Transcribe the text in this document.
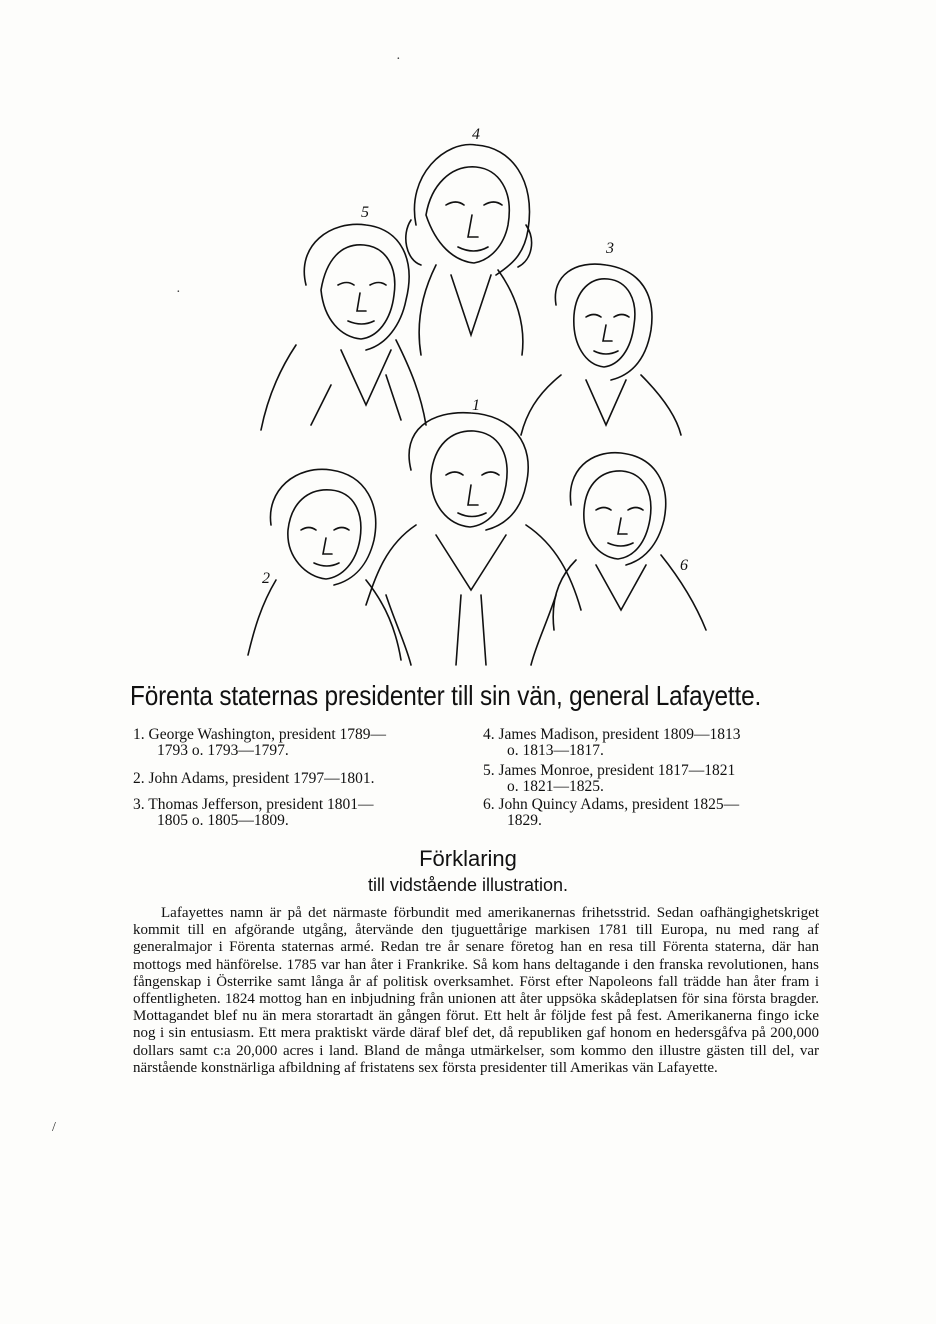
4
5
3
1
2
6
Förenta staternas presidenter till sin vän, general Lafayette.
1. George Washington, president 1789—
1793 o. 1793—1797.
2. John Adams, president 1797—1801.
3. Thomas Jefferson, president 1801—
1805 o. 1805—1809.
4. James Madison, president 1809—1813
o. 1813—1817.
5. James Monroe, president 1817—1821
o. 1821—1825.
6. John Quincy Adams, president 1825—
1829.
Förklaring
till vidstående illustration.
Lafayettes namn är på det närmaste förbundit med amerikanernas frihetsstrid. Sedan oafhängighetskriget kommit till en afgörande utgång, återvände den tjuguettårige markisen 1781 till Europa, nu med rang af generalmajor i Förenta staternas armé. Redan tre år senare företog han en resa till Förenta staterna, där han mottogs med hänförelse. 1785 var han åter i Frankrike. Så kom hans deltagande i den franska revolutionen, hans fångenskap i Österrike samt långa år af politisk overksamhet. Först efter Napoleons fall trädde han åter fram i offentligheten. 1824 mottog han en inbjudning från unionen att åter uppsöka skådeplatsen för sina första bragder. Mottagandet blef nu än mera storartadt än gången förut. Ett helt år följde fest på fest. Amerikanerna fingo icke nog i sin entusiasm. Ett mera praktiskt värde däraf blef det, då republiken gaf honom en hedersgåfva på 200,000 dollars samt c:a 20,000 acres i land. Bland de många utmärkelser, som kommo den illustre gästen till del, var närstående konstnärliga afbildning af fristatens sex första presidenter till Amerikas vän Lafayette.
·
·
/
